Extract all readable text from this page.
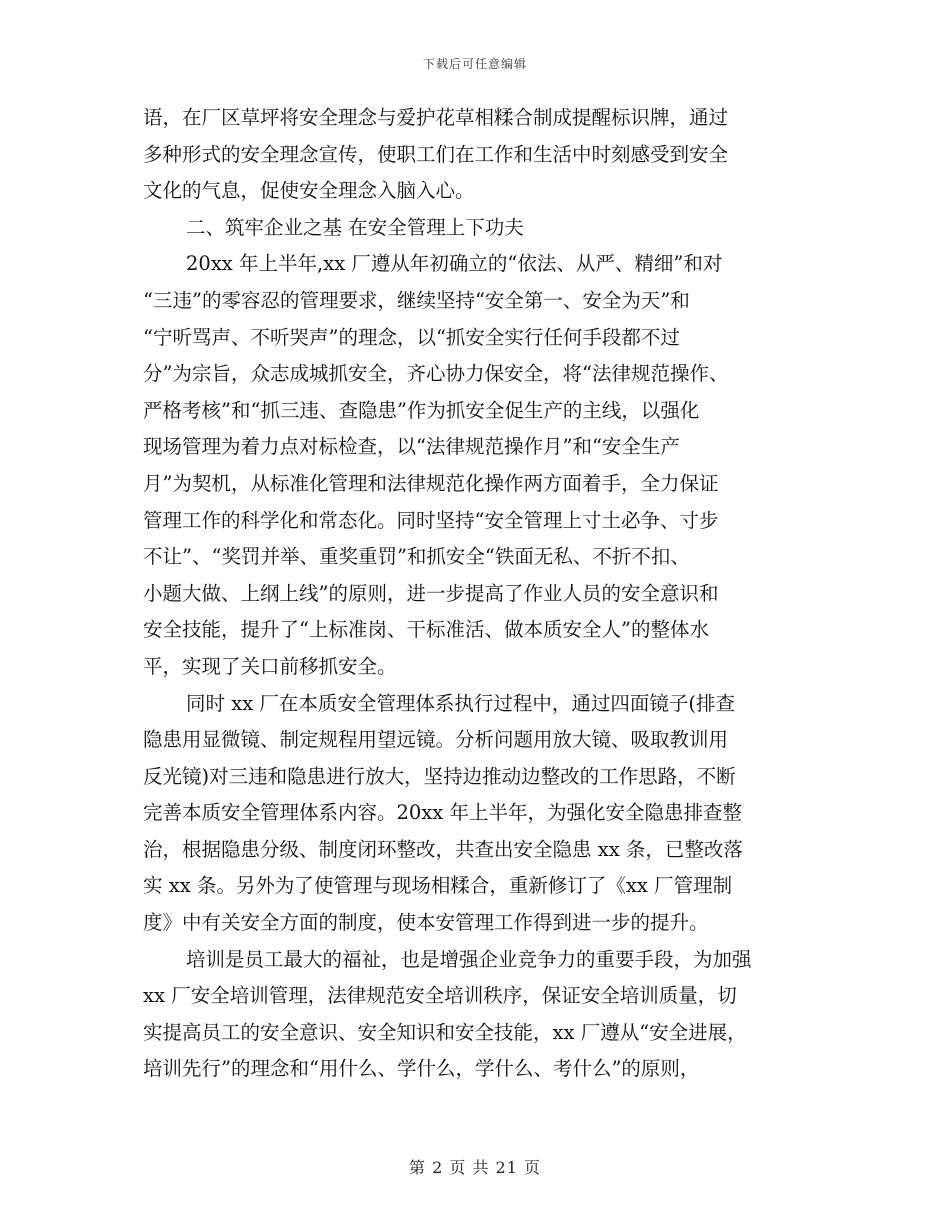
下载后可任意编辑
语，在厂区草坪将安全理念与爱护花草相糅合制成提醒标识牌，通过
多种形式的安全理念宣传，使职工们在工作和生活中时刻感受到安全
文化的气息，促使安全理念入脑入心。
二、筑牢企业之基 在安全管理上下功夫
20xx 年上半年,xx 厂遵从年初确立的“依法、从严、精细”和对
“三违”的零容忍的管理要求，继续坚持“安全第一、安全为天”和
“宁听骂声、不听哭声”的理念，以“抓安全实行任何手段都不过
分”为宗旨，众志成城抓安全，齐心协力保安全，将“法律规范操作、
严格考核”和“抓三违、查隐患”作为抓安全促生产的主线，以强化
现场管理为着力点对标检查，以“法律规范操作月”和“安全生产
月”为契机，从标准化管理和法律规范化操作两方面着手，全力保证
管理工作的科学化和常态化。同时坚持“安全管理上寸土必争、寸步
不让”、“奖罚并举、重奖重罚”和抓安全“铁面无私、不折不扣、
小题大做、上纲上线”的原则，进一步提高了作业人员的安全意识和
安全技能，提升了“上标准岗、干标准活、做本质安全人”的整体水
平，实现了关口前移抓安全。
同时 xx 厂在本质安全管理体系执行过程中，通过四面镜子(排查
隐患用显微镜、制定规程用望远镜。分析问题用放大镜、吸取教训用
反光镜)对三违和隐患进行放大，坚持边推动边整改的工作思路，不断
完善本质安全管理体系内容。20xx 年上半年，为强化安全隐患排查整
治，根据隐患分级、制度闭环整改，共查出安全隐患 xx 条，已整改落
实 xx 条。另外为了使管理与现场相糅合，重新修订了《xx 厂管理制
度》中有关安全方面的制度，使本安管理工作得到进一步的提升。
培训是员工最大的福祉，也是增强企业竞争力的重要手段，为加强
xx 厂安全培训管理，法律规范安全培训秩序，保证安全培训质量，切
实提高员工的安全意识、安全知识和安全技能，xx 厂遵从“安全进展，
培训先行”的理念和“用什么、学什么，学什么、考什么”的原则，
第 2 页 共 21 页
